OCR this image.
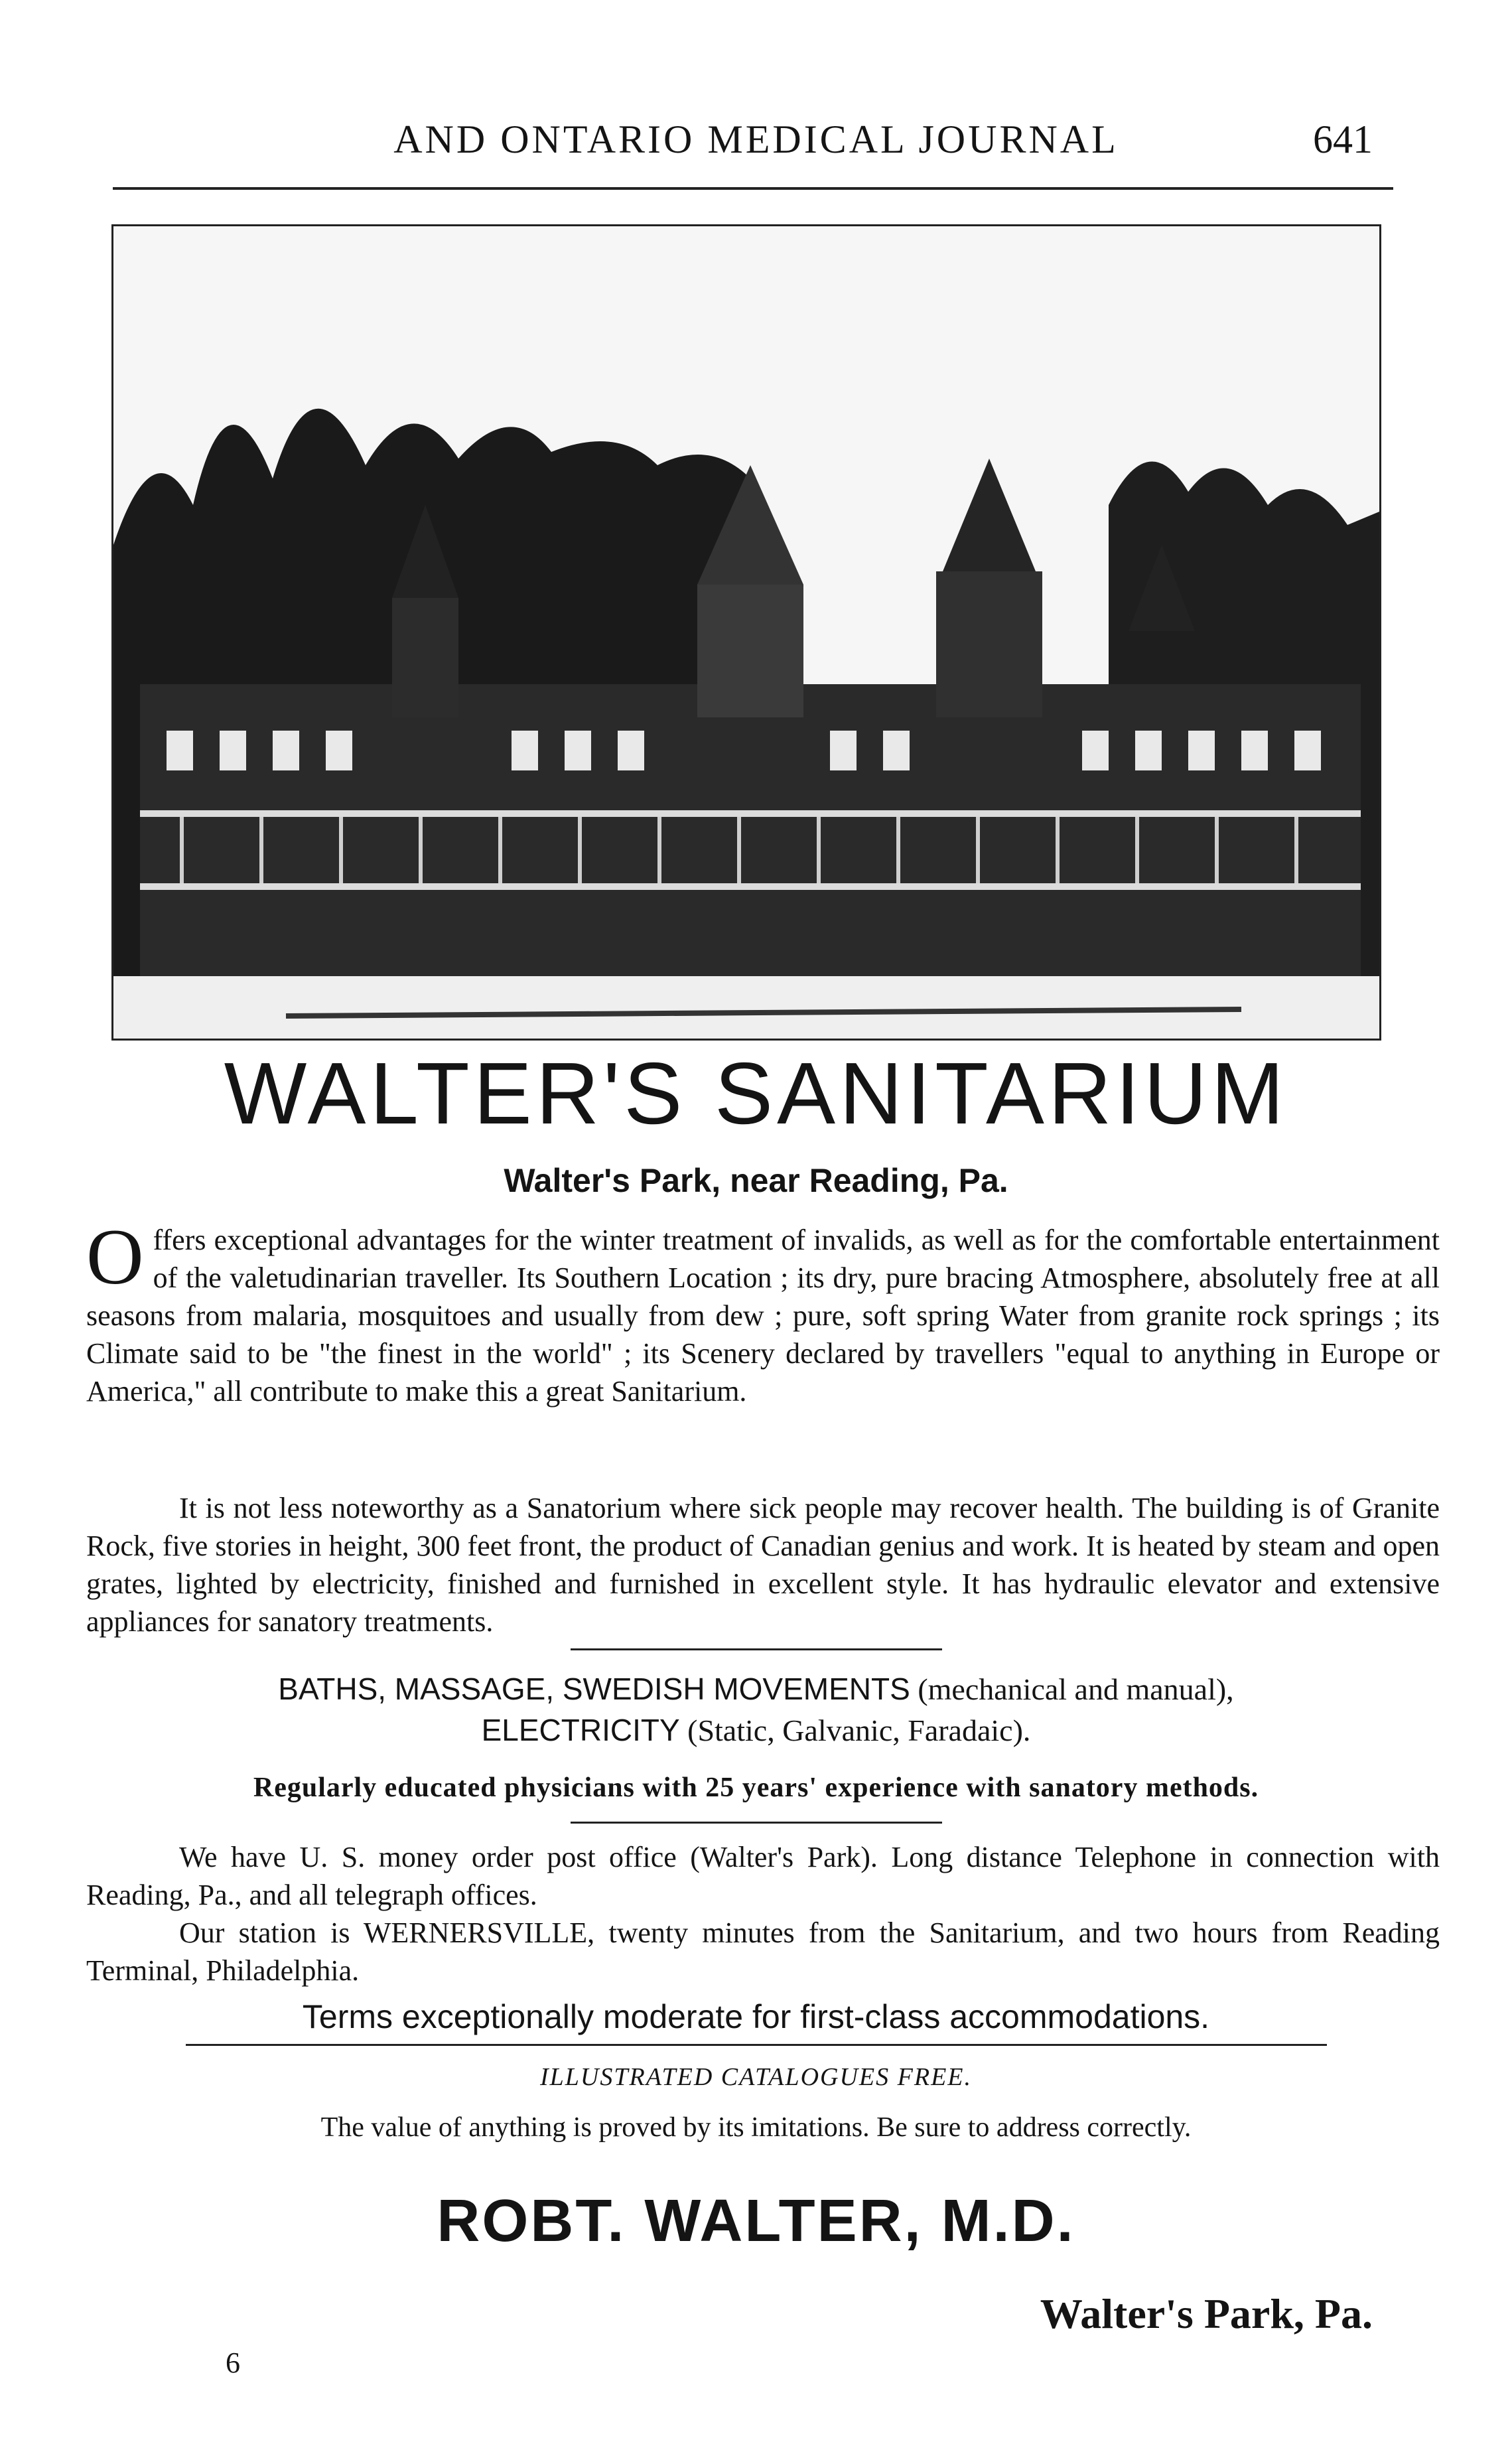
AND ONTARIO MEDICAL JOURNAL	641
WALTER'S SANITARIUM
Walter's Park, near Reading, Pa.
Offers exceptional advantages for the winter treatment of invalids, as well as for the comfortable entertainment of the valetudinarian traveller. Its Southern Location ; its dry, pure bracing Atmosphere, absolutely free at all seasons from malaria, mosquitoes and usually from dew ; pure, soft spring Water from granite rock springs ; its Climate said to be "the finest in the world" ; its Scenery declared by travellers "equal to anything in Europe or America," all contribute to make this a great Sanitarium.
It is not less noteworthy as a Sanatorium where sick people may recover health. The building is of Granite Rock, five stories in height, 300 feet front, the product of Canadian genius and work. It is heated by steam and open grates, lighted by electricity, finished and furnished in excellent style. It has hydraulic elevator and extensive appliances for sanatory treatments.
BATHS, MASSAGE, SWEDISH MOVEMENTS (mechanical and manual),
ELECTRICITY (Static, Galvanic, Faradaic).
Regularly educated physicians with 25 years' experience with sanatory methods.
We have U. S. money order post office (Walter's Park). Long distance Telephone in connection with Reading, Pa., and all telegraph offices.
Our station is WERNERSVILLE, twenty minutes from the Sanitarium, and two hours from Reading Terminal, Philadelphia.
Terms exceptionally moderate for first-class accommodations.
ILLUSTRATED CATALOGUES FREE.
The value of anything is proved by its imitations. Be sure to address correctly.
ROBT. WALTER, M.D.
Walter's Park, Pa.
6
